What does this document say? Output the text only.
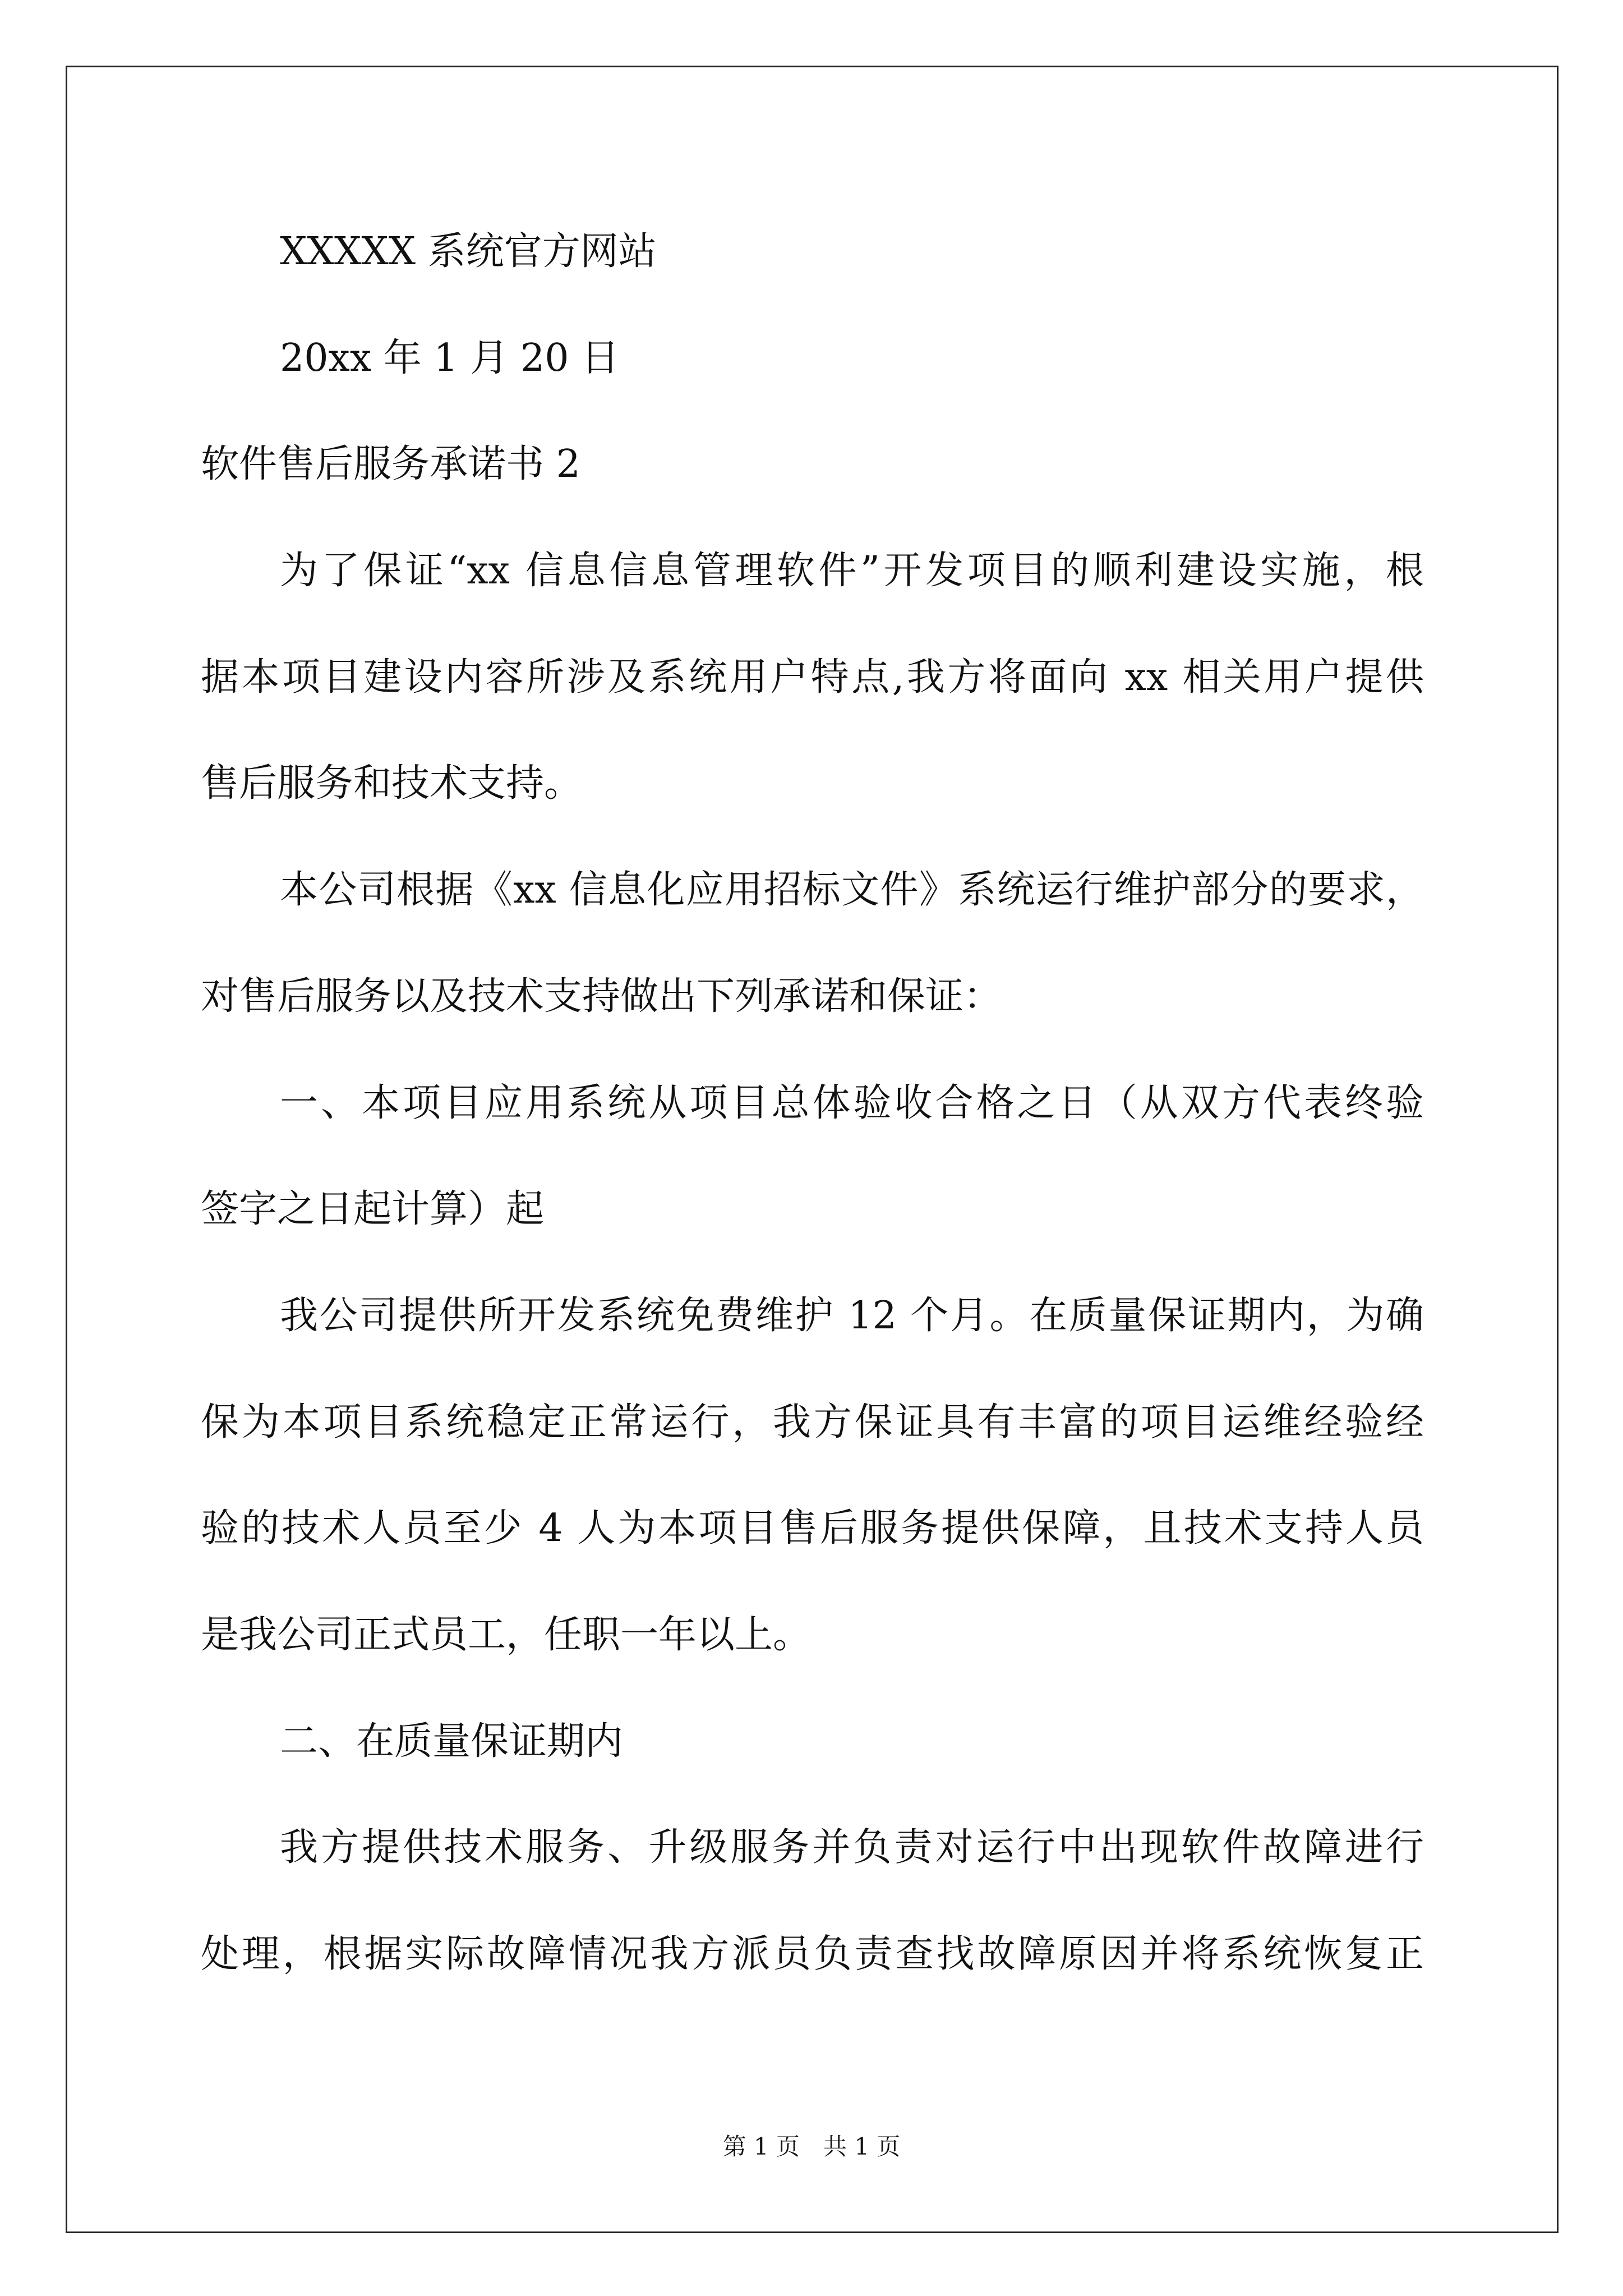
XXXXX 系统官方网站
20xx 年 1 月 20 日
软件售后服务承诺书 2
为了保证“xx 信息信息管理软件”开发项目的顺利建设实施，根
据本项目建设内容所涉及系统用户特点,我方将面向 xx 相关用户提供
售后服务和技术支持。
本公司根据《xx 信息化应用招标文件》系统运行维护部分的要求，
对售后服务以及技术支持做出下列承诺和保证：
一、本项目应用系统从项目总体验收合格之日（从双方代表终验
签字之日起计算）起
我公司提供所开发系统免费维护 12 个月。在质量保证期内，为确
保为本项目系统稳定正常运行，我方保证具有丰富的项目运维经验经
验的技术人员至少 4 人为本项目售后服务提供保障，且技术支持人员
是我公司正式员工，任职一年以上。
二、在质量保证期内
我方提供技术服务、升级服务并负责对运行中出现软件故障进行
处理，根据实际故障情况我方派员负责查找故障原因并将系统恢复正
第 1 页　共 1 页
